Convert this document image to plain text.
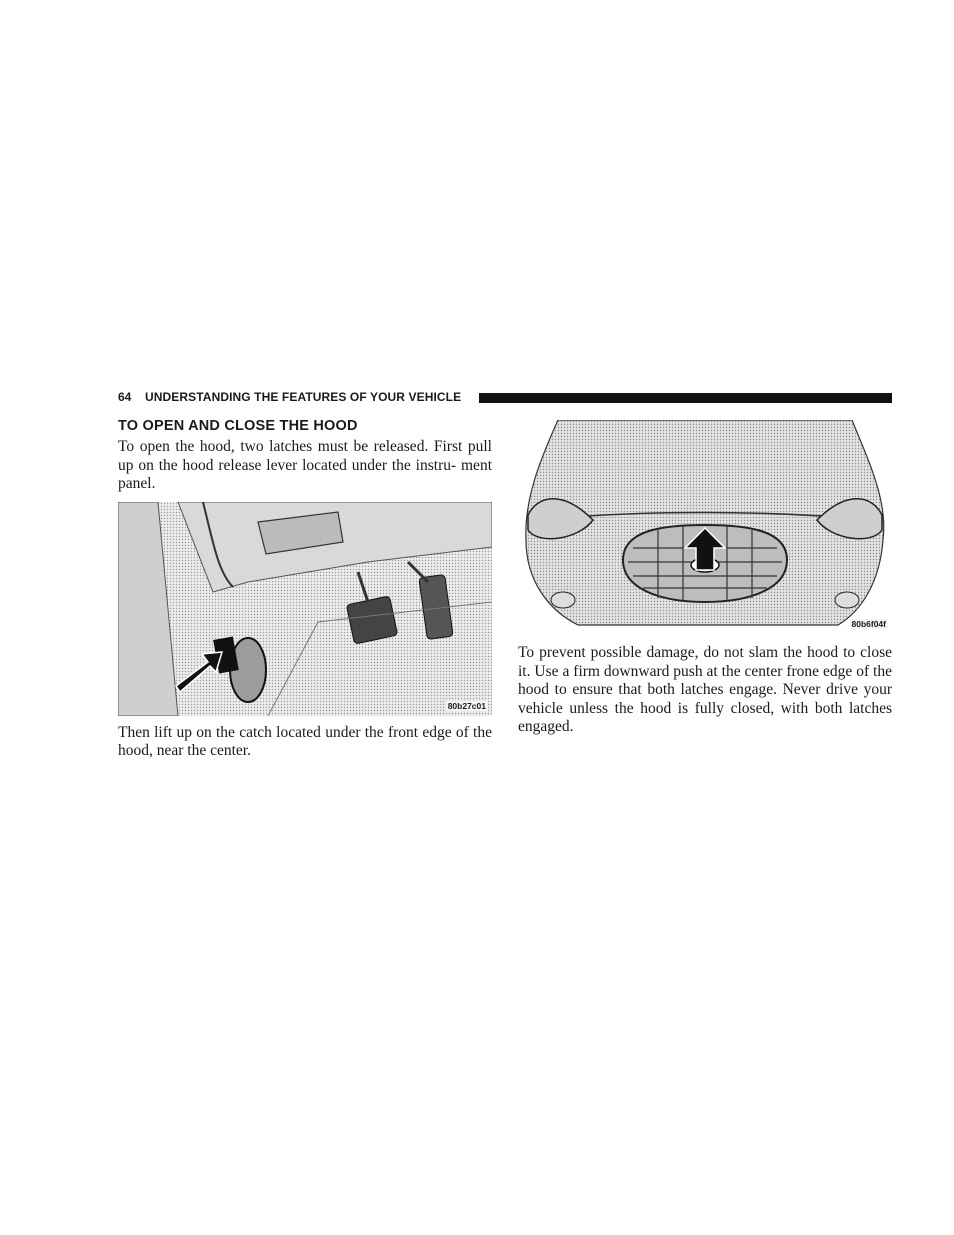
64 UNDERSTANDING THE FEATURES OF YOUR VEHICLE
TO OPEN AND CLOSE THE HOOD

To open the hood, two latches must be released. First pull up on the hood release lever located under the instru- ment panel.

80b27c01

Then lift up on the catch located under the front edge of the hood, near the center.

80b6f04f

To prevent possible damage, do not slam the hood to close it. Use a firm downward push at the center frone edge of the hood to ensure that both latches engage. Never drive your vehicle unless the hood is fully closed, with both latches engaged.
